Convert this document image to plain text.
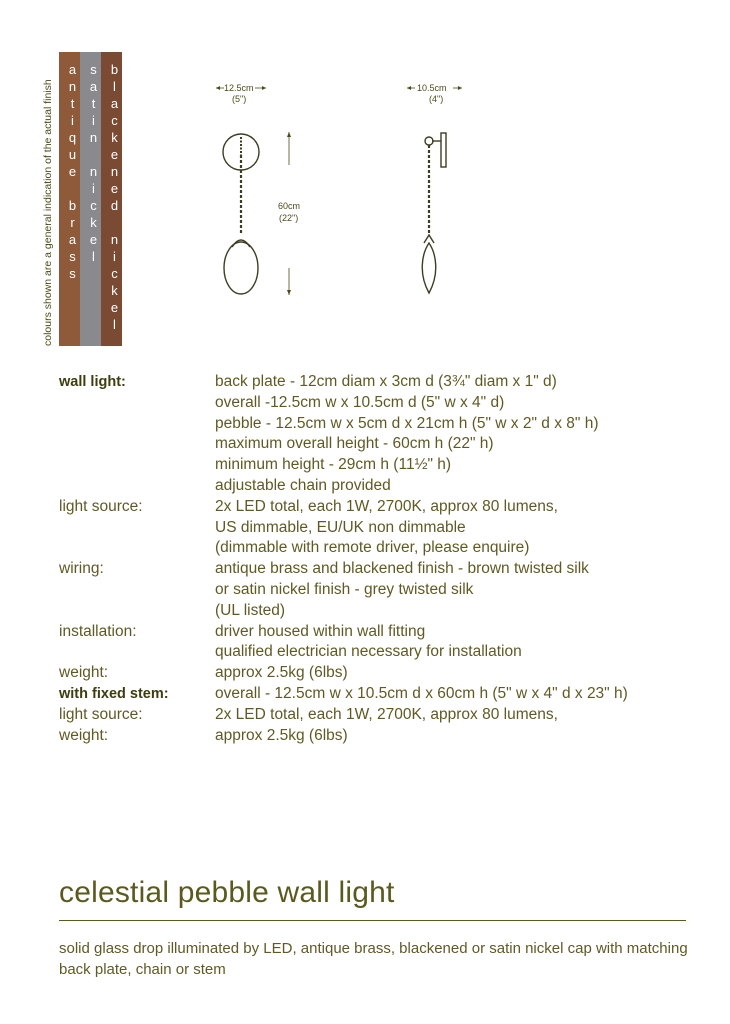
colours shown are a general indication of the actual finish antique brass satin nickel blackened nickel	12.5cm
(5")
60cm
(22")
10.5cm
(4")
wall light:	back plate - 12cm diam x 3cm d (3¾" diam x 1" d)
overall -12.5cm w x 10.5cm d (5" w x 4" d)
pebble - 12.5cm w x 5cm d x 21cm h (5" w x 2" d x 8" h)
maximum overall height - 60cm h (22" h)
minimum height - 29cm h (11½" h)
adjustable chain provided
light source:	2x LED total, each 1W, 2700K, approx 80 lumens,
US dimmable, EU/UK non dimmable
(dimmable with remote driver, please enquire)
wiring:	antique brass and blackened finish - brown twisted silk
or satin nickel finish - grey twisted silk
(UL listed)
installation:	driver housed within wall fitting
qualified electrician necessary for installation
weight:	approx 2.5kg (6lbs)
with fixed stem:	overall - 12.5cm w x 10.5cm d x 60cm h (5" w x 4" d x 23" h)
light source:	2x LED total, each 1W, 2700K, approx 80 lumens,
weight:	approx 2.5kg (6lbs)
celestial pebble wall light
solid glass drop illuminated by LED, antique brass, blackened or satin nickel cap with matching back plate, chain or stem
